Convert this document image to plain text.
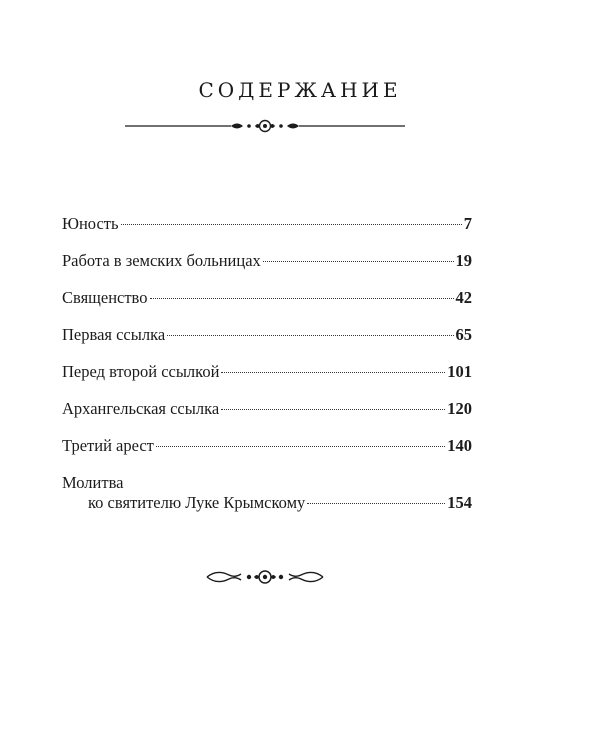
СОДЕРЖАНИЕ
Юность	7
Работа в земских больницах	19
Священство	42
Первая ссылка	65
Перед второй ссылкой	101
Архангельская ссылка	120
Третий арест	140
Молитва
ко святителю Луке Крымскому	154
